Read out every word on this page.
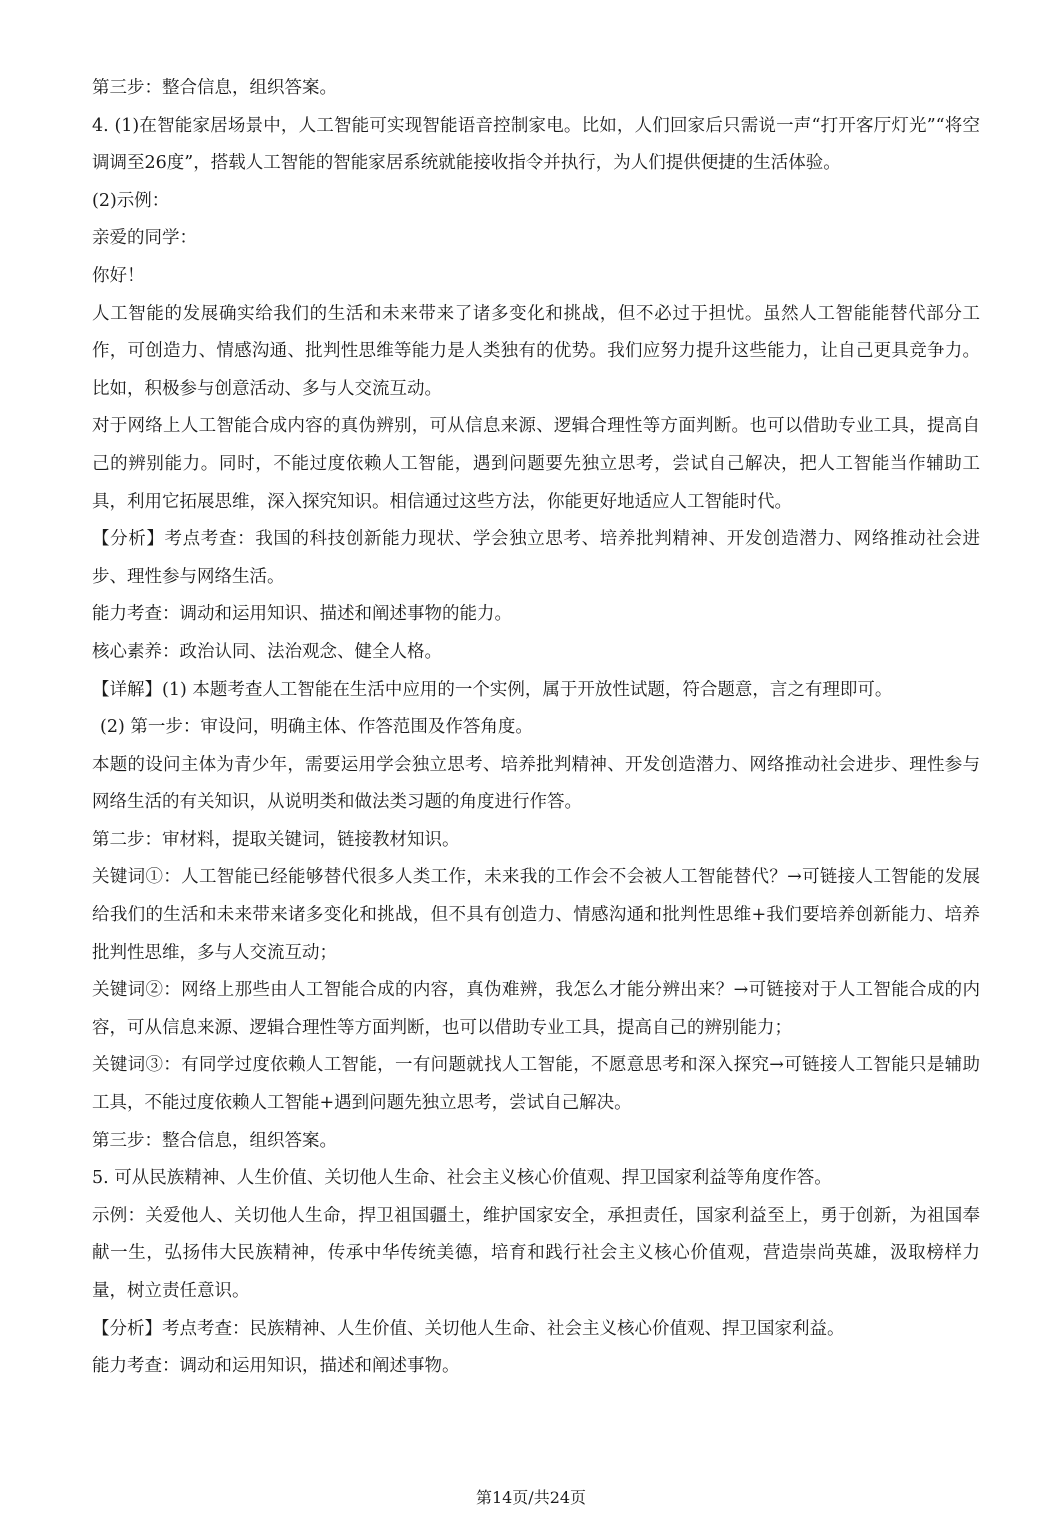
第三步：整合信息，组织答案。

4. (1)在智能家居场景中，人工智能可实现智能语音控制家电。比如，人们回家后只需说一声“打开客厅灯光”“将空调调至26度”，搭载人工智能的智能家居系统就能接收指令并执行，为人们提供便捷的生活体验。

(2)示例：

亲爱的同学：

你好！

人工智能的发展确实给我们的生活和未来带来了诸多变化和挑战，但不必过于担忧。虽然人工智能能替代部分工作，可创造力、情感沟通、批判性思维等能力是人类独有的优势。我们应努力提升这些能力，让自己更具竞争力。比如，积极参与创意活动、多与人交流互动。

对于网络上人工智能合成内容的真伪辨别，可从信息来源、逻辑合理性等方面判断。也可以借助专业工具，提高自己的辨别能力。同时，不能过度依赖人工智能，遇到问题要先独立思考，尝试自己解决，把人工智能当作辅助工具，利用它拓展思维，深入探究知识。相信通过这些方法，你能更好地适应人工智能时代。

【分析】考点考查：我国的科技创新能力现状、学会独立思考、培养批判精神、开发创造潜力、网络推动社会进步、理性参与网络生活。

能力考查：调动和运用知识、描述和阐述事物的能力。

核心素养：政治认同、法治观念、健全人格。

【详解】(1) 本题考查人工智能在生活中应用的一个实例，属于开放性试题，符合题意，言之有理即可。

(2) 第一步：审设问，明确主体、作答范围及作答角度。

本题的设问主体为青少年，需要运用学会独立思考、培养批判精神、开发创造潜力、网络推动社会进步、理性参与网络生活的有关知识，从说明类和做法类习题的角度进行作答。

第二步：审材料，提取关键词，链接教材知识。

关键词①：人工智能已经能够替代很多人类工作，未来我的工作会不会被人工智能替代？→可链接人工智能的发展给我们的生活和未来带来诸多变化和挑战，但不具有创造力、情感沟通和批判性思维+我们要培养创新能力、培养批判性思维，多与人交流互动；

关键词②：网络上那些由人工智能合成的内容，真伪难辨，我怎么才能分辨出来？→可链接对于人工智能合成的内容，可从信息来源、逻辑合理性等方面判断，也可以借助专业工具，提高自己的辨别能力；

关键词③：有同学过度依赖人工智能，一有问题就找人工智能，不愿意思考和深入探究→可链接人工智能只是辅助工具，不能过度依赖人工智能+遇到问题先独立思考，尝试自己解决。

第三步：整合信息，组织答案。

5. 可从民族精神、人生价值、关切他人生命、社会主义核心价值观、捍卫国家利益等角度作答。

示例：关爱他人、关切他人生命，捍卫祖国疆土，维护国家安全，承担责任，国家利益至上，勇于创新，为祖国奉献一生，弘扬伟大民族精神，传承中华传统美德，培育和践行社会主义核心价值观，营造崇尚英雄，汲取榜样力量，树立责任意识。

【分析】考点考查：民族精神、人生价值、关切他人生命、社会主义核心价值观、捍卫国家利益。

能力考查：调动和运用知识，描述和阐述事物。

第14页/共24页
